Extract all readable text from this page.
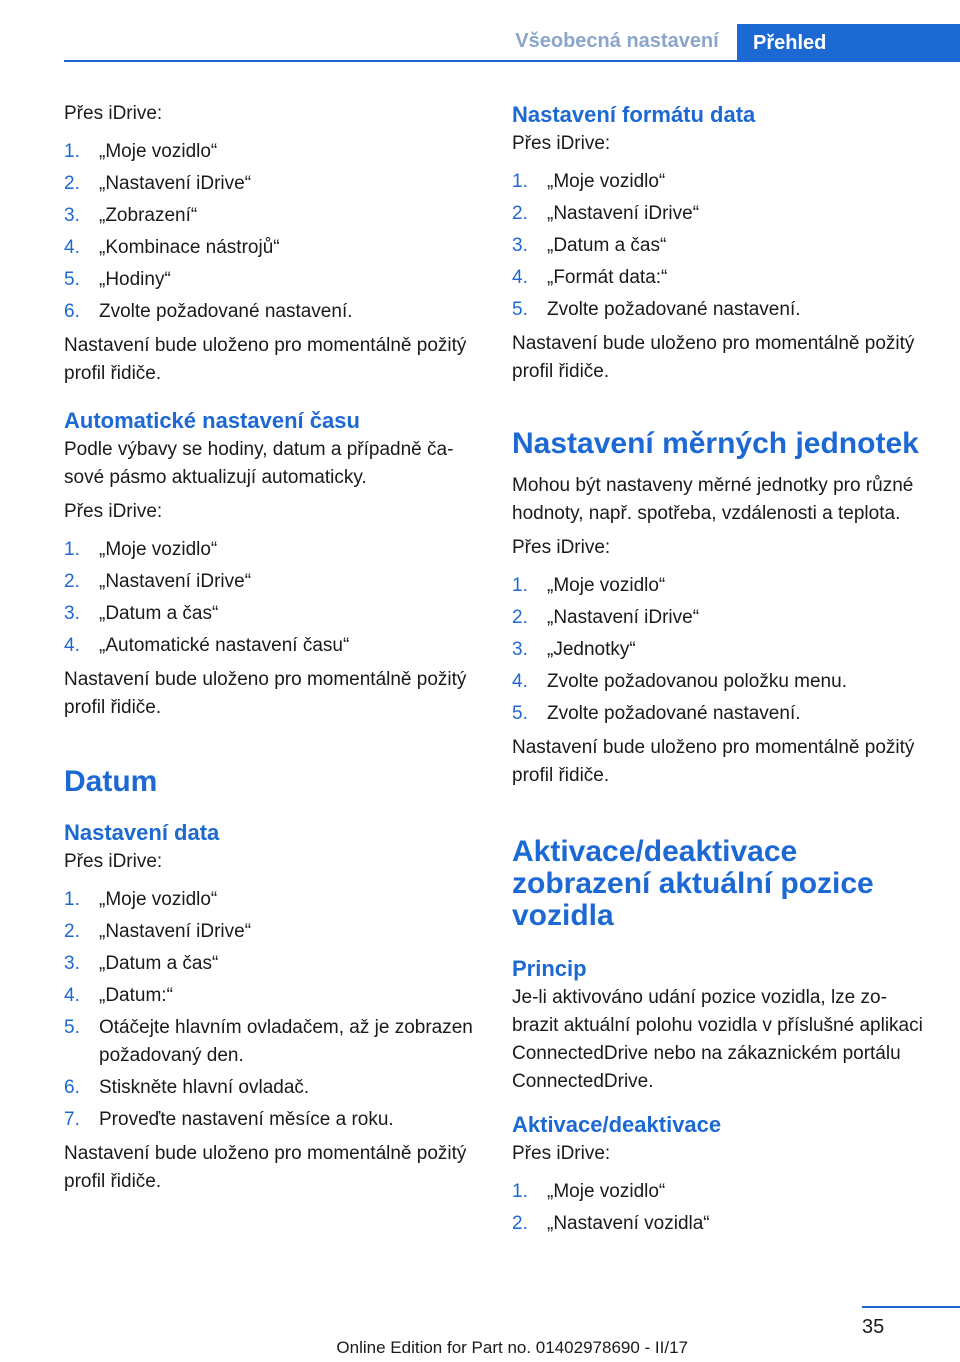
Všeobecná nastavení	Přehled

Přes iDrive:

1. „Moje vozidlo“
2. „Nastavení iDrive“
3. „Zobrazení“
4. „Kombinace nástrojů“
5. „Hodiny“
6. Zvolte požadované nastavení.

Nastavení bude uloženo pro momentálně požitý profil řidiče.

Automatické nastavení času

Podle výbavy se hodiny, datum a případně časové pásmo aktualizují automaticky.

Přes iDrive:

1. „Moje vozidlo“
2. „Nastavení iDrive“
3. „Datum a čas“
4. „Automatické nastavení času“

Nastavení bude uloženo pro momentálně požitý profil řidiče.

Datum
Nastavení data

Přes iDrive:

1. „Moje vozidlo“
2. „Nastavení iDrive“
3. „Datum a čas“
4. „Datum:“
5. Otáčejte hlavním ovladačem, až je zobrazen požadovaný den.
6. Stiskněte hlavní ovladač.
7. Proveďte nastavení měsíce a roku.

Nastavení bude uloženo pro momentálně požitý profil řidiče.

Nastavení formátu data

Přes iDrive:

1. „Moje vozidlo“
2. „Nastavení iDrive“
3. „Datum a čas“
4. „Formát data:“
5. Zvolte požadované nastavení.

Nastavení bude uloženo pro momentálně požitý profil řidiče.

Nastavení měrných jednotek

Mohou být nastaveny měrné jednotky pro různé hodnoty, např. spotřeba, vzdálenosti a teplota.

Přes iDrive:

1. „Moje vozidlo“
2. „Nastavení iDrive“
3. „Jednotky“
4. Zvolte požadovanou položku menu.
5. Zvolte požadované nastavení.

Nastavení bude uloženo pro momentálně požitý profil řidiče.

Aktivace/deaktivace zobrazení aktuální pozice vozidla
Princip

Je-li aktivováno udání pozice vozidla, lze zobrazit aktuální polohu vozidla v příslušné aplikaci ConnectedDrive nebo na zákaznickém portálu ConnectedDrive.

Aktivace/deaktivace

Přes iDrive:

1. „Moje vozidlo“
2. „Nastavení vozidla“
35
Online Edition for Part no. 01402978690 - II/17
